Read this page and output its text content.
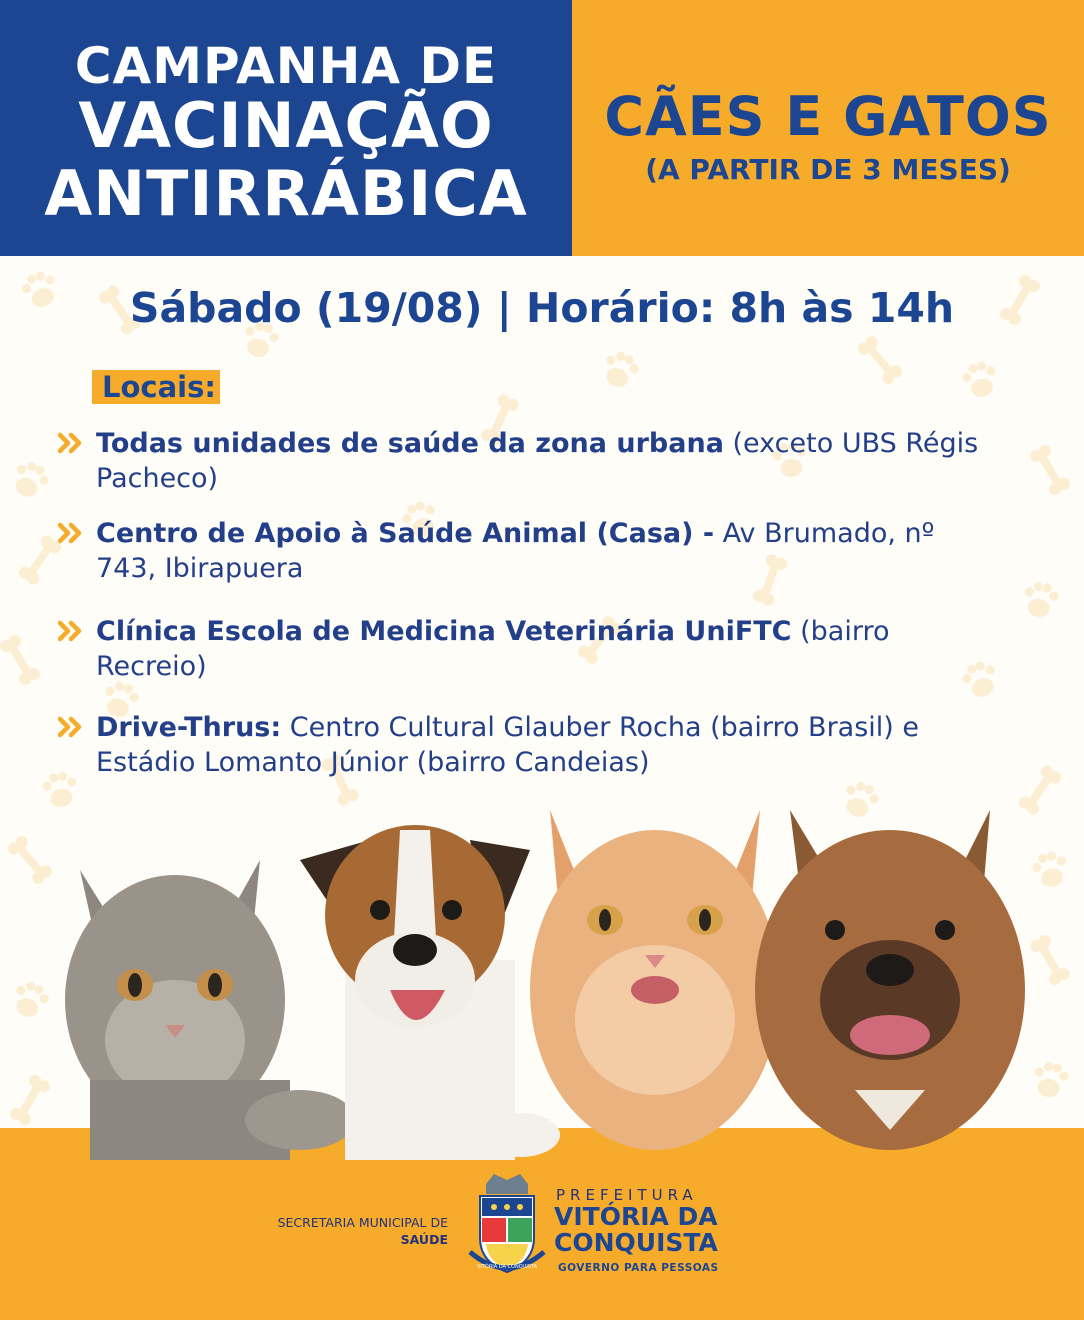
CAMPANHA DE
VACINAÇÃO
ANTIRRÁBICA
CÃES E GATOS
(A PARTIR DE 3 MESES)
Sábado (19/08) | Horário: 8h às 14h
Locais:
Todas unidades de saúde da zona urbana (exceto UBS Régis Pacheco)
Centro de Apoio à Saúde Animal (Casa) - Av Brumado, nº 743, Ibirapuera
Clínica Escola de Medicina Veterinária UniFTC (bairro Recreio)
Drive-Thrus: Centro Cultural Glauber Rocha (bairro Brasil) e Estádio Lomanto Júnior (bairro Candeias)
SECRETARIA MUNICIPAL DE
SAÚDE
VITÓRIA DA CONQUISTA
PREFEITURA
VITÓRIA DA
CONQUISTA
GOVERNO PARA PESSOAS
